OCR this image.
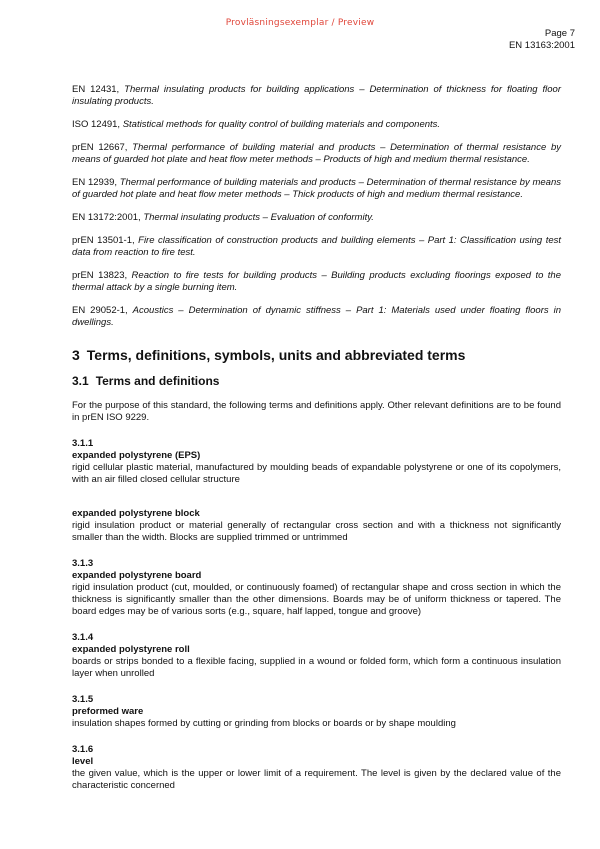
Provläsningsexemplar / Preview
Page 7
EN 13163:2001

EN 12431, Thermal insulating products for building applications – Determination of thickness for floating floor insulating products.

ISO 12491, Statistical methods for quality control of building materials and components.

prEN 12667, Thermal performance of building material and products – Determination of thermal resistance by means of guarded hot plate and heat flow meter methods – Products of high and medium thermal resistance.

EN 12939, Thermal performance of building materials and products – Determination of thermal resistance by means of guarded hot plate and heat flow meter methods – Thick products of high and medium thermal resistance.

EN 13172:2001, Thermal insulating products – Evaluation of conformity.

prEN 13501-1, Fire classification of construction products and building elements – Part 1: Classification using test data from reaction to fire test.

prEN 13823, Reaction to fire tests for building products – Building products excluding floorings exposed to the thermal attack by a single burning item.

EN 29052-1, Acoustics – Determination of dynamic stiffness – Part 1: Materials used under floating floors in dwellings.

3 Terms, definitions, symbols, units and abbreviated terms
3.1 Terms and definitions

For the purpose of this standard, the following terms and definitions apply. Other relevant definitions are to be found in prEN ISO 9229.

3.1.1
expanded polystyrene (EPS)
rigid cellular plastic material, manufactured by moulding beads of expandable polystyrene or one of its copolymers, with an air filled closed cellular structure
expanded polystyrene block
rigid insulation product or material generally of rectangular cross section and with a thickness not significantly smaller than the width. Blocks are supplied trimmed or untrimmed
3.1.3
expanded polystyrene board
rigid insulation product (cut, moulded, or continuously foamed) of rectangular shape and cross section in which the thickness is significantly smaller than the other dimensions. Boards may be of uniform thickness or tapered. The board edges may be of various sorts (e.g., square, half lapped, tongue and groove)
3.1.4
expanded polystyrene roll
boards or strips bonded to a flexible facing, supplied in a wound or folded form, which form a continuous insulation layer when unrolled
3.1.5
preformed ware
insulation shapes formed by cutting or grinding from blocks or boards or by shape moulding
3.1.6
level
the given value, which is the upper or lower limit of a requirement. The level is given by the declared value of the characteristic concerned
